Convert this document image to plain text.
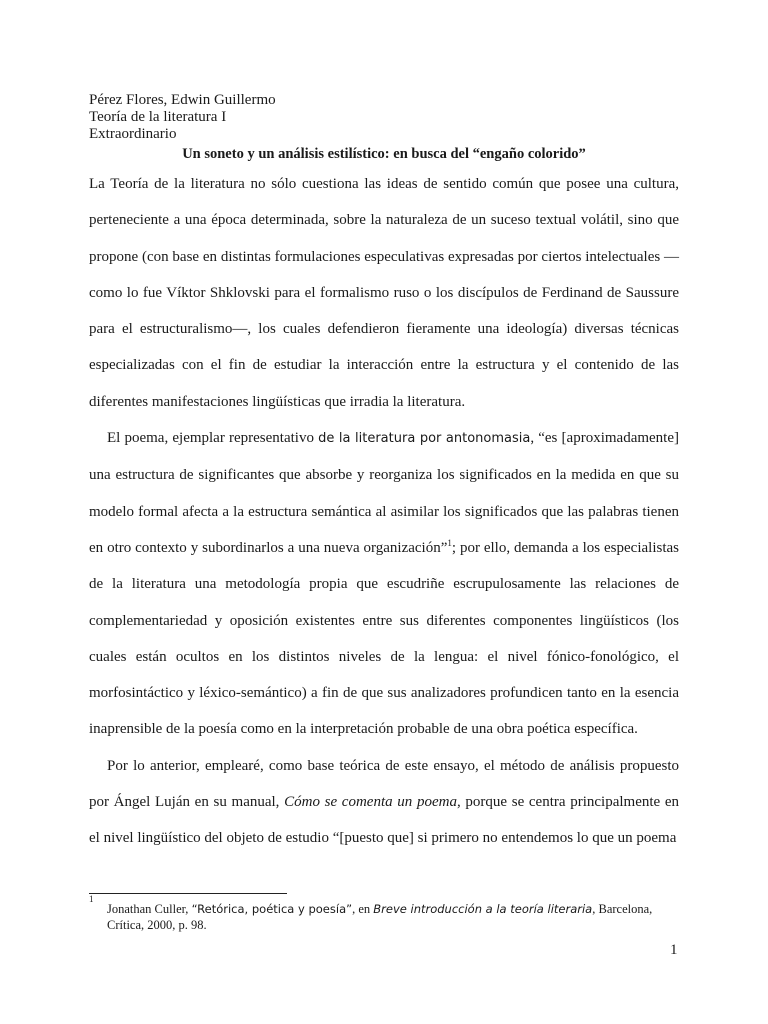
Pérez Flores, Edwin Guillermo
Teoría de la literatura I
Extraordinario
Un soneto y un análisis estilístico: en busca del “engaño colorido”

La Teoría de la literatura no sólo cuestiona las ideas de sentido común que posee una cultura, perteneciente a una época determinada, sobre la naturaleza de un suceso textual volátil, sino que propone (con base en distintas formulaciones especulativas expresadas por ciertos intelectuales —como lo fue Víktor Shklovski para el formalismo ruso o los discípulos de Ferdinand de Saussure para el estructuralismo—, los cuales defendieron fieramente una ideología) diversas técnicas especializadas con el fin de estudiar la interacción entre la estructura y el contenido de las diferentes manifestaciones lingüísticas que irradia la literatura.

El poema, ejemplar representativo de la literatura por antonomasia, “es [aproximadamente] una estructura de significantes que absorbe y reorganiza los significados en la medida en que su modelo formal afecta a la estructura semántica al asimilar los significados que las palabras tienen en otro contexto y subordinarlos a una nueva organización”$^1$; por ello, demanda a los especialistas de la literatura una metodología propia que escudriñe escrupulosamente las relaciones de complementariedad y oposición existentes entre sus diferentes componentes lingüísticos (los cuales están ocultos en los distintos niveles de la lengua: el nivel fónico-fonológico, el morfosintáctico y léxico-semántico) a fin de que sus analizadores profundicen tanto en la esencia inaprensible de la poesía como en la interpretación probable de una obra poética específica.

Por lo anterior, emplearé, como base teórica de este ensayo, el método de análisis propuesto por Ángel Luján en su manual, Cómo se comenta un poema, porque se centra principalmente en el nivel lingüístico del objeto de estudio “[puesto que] si primero no entendemos lo que un poema

1
Jonathan Culler, “Retórica, poética y poesía”, en Breve introducción a la teoría literaria, Barcelona, Crítica, 2000, p. 98.
1
